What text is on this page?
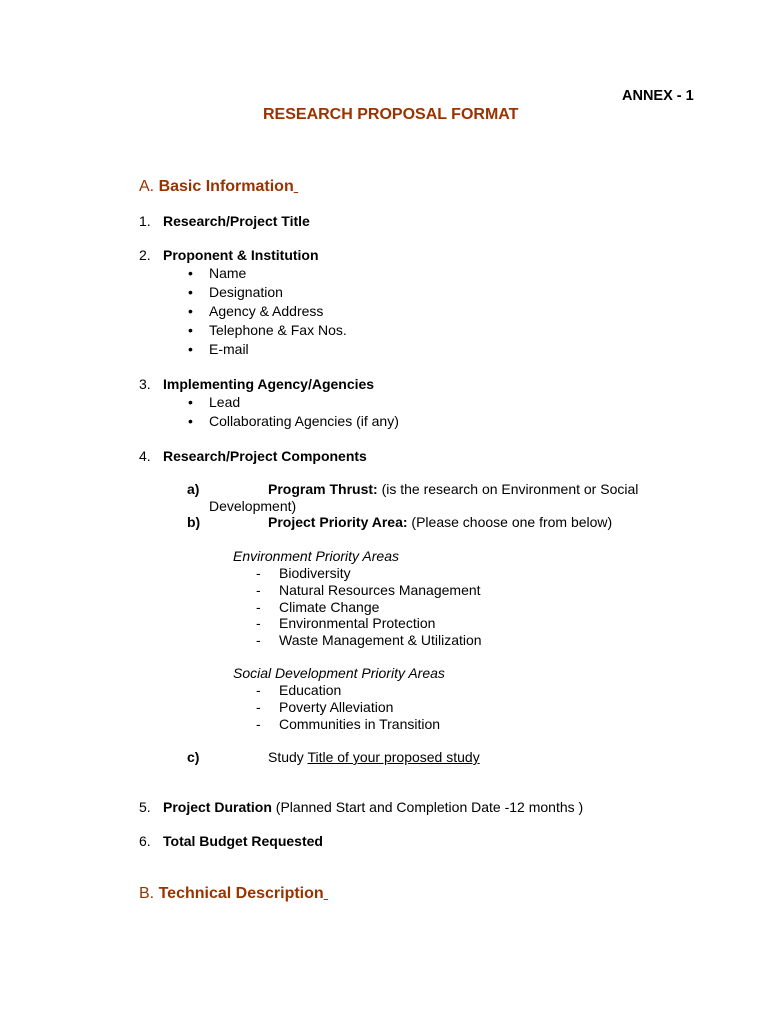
ANNEX - 1
RESEARCH PROPOSAL FORMAT
A. Basic Information
1. Research/Project Title
2. Proponent & Institution
• Name
• Designation
• Agency & Address
• Telephone & Fax Nos.
• E-mail
3. Implementing Agency/Agencies
• Lead
• Collaborating Agencies (if any)
4. Research/Project Components
a)	Program Thrust: (is the research on Environment or Social
Development)
b)	Project Priority Area: (Please choose one from below)
Environment Priority Areas
- Biodiversity
- Natural Resources Management
- Climate Change
- Environmental Protection
- Waste Management & Utilization
Social Development Priority Areas
- Education
- Poverty Alleviation
- Communities in Transition
c)	Study Title of your proposed study
5. Project Duration (Planned Start and Completion Date -12 months )
6. Total Budget Requested
B. Technical Description
